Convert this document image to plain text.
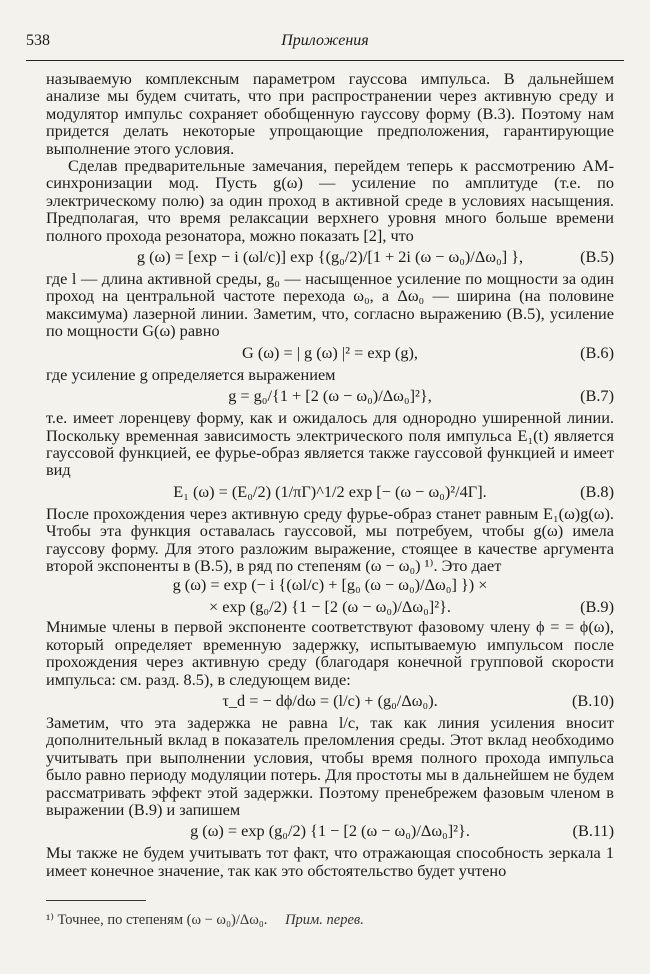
538	Приложения

называемую комплексным параметром гауссова импульса. В дальнейшем анализе мы будем считать, что при распространении через активную среду и модулятор импульс сохраняет обобщенную гауссову форму (В.3). Поэтому нам придется делать некоторые упрощающие предположения, гарантирующие выполнение этого условия.

Сделав предварительные замечания, перейдем теперь к рассмотрению АМ-синхронизации мод. Пусть g(ω) — усиление по амплитуде (т.е. по электрическому полю) за один проход в активной среде в условиях насыщения. Предполагая, что время релаксации верхнего уровня много больше времени полного прохода резонатора, можно показать [2], что

g (ω) = [exp − i (ωl/c)] exp {(g₀/2)/[1 + 2i (ω − ω₀)/Δω₀] },	(В.5)

где l — длина активной среды, g₀ — насыщенное усиление по мощности за один проход на центральной частоте перехода ω₀, а Δω₀ — ширина (на половине максимума) лазерной линии. Заметим, что, согласно выражению (В.5), усиление по мощности G(ω) равно

G (ω) = | g (ω) |² = exp (g),	(В.6)

где усиление g определяется выражением

g = g₀/{1 + [2 (ω − ω₀)/Δω₀]²},	(В.7)

т.е. имеет лоренцеву форму, как и ожидалось для однородно уширенной линии. Поскольку временная зависимость электрического поля импульса E₁(t) является гауссовой функцией, ее фурье-образ является также гауссовой функцией и имеет вид

E₁ (ω) = (E₀/2) (1/πΓ)^1/2 exp [− (ω − ω₀)²/4Γ].	(В.8)

После прохождения через активную среду фурье-образ станет равным E₁(ω)g(ω). Чтобы эта функция оставалась гауссовой, мы потребуем, чтобы g(ω) имела гауссову форму. Для этого разложим выражение, стоящее в качестве аргумента второй экспоненты в (В.5), в ряд по степеням (ω − ω₀) ¹⁾. Это дает

g (ω) = exp (− i {(ωl/c) + [g₀ (ω − ω₀)/Δω₀] }) ×
× exp (g₀/2) {1 − [2 (ω − ω₀)/Δω₀]²}.	(В.9)

Мнимые члены в первой экспоненте соответствуют фазовому члену ϕ = = ϕ(ω), который определяет временную задержку, испытываемую импульсом после прохождения через активную среду (благодаря конечной групповой скорости импульса: см. разд. 8.5), в следующем виде:

τ_d = − dϕ/dω = (l/c) + (g₀/Δω₀).	(В.10)

Заметим, что эта задержка не равна l/c, так как линия усиления вносит дополнительный вклад в показатель преломления среды. Этот вклад необходимо учитывать при выполнении условия, чтобы время полного прохода импульса было равно периоду модуляции потерь. Для простоты мы в дальнейшем не будем рассматривать эффект этой задержки. Поэтому пренебрежем фазовым членом в выражении (В.9) и запишем

g (ω) = exp (g₀/2) {1 − [2 (ω − ω₀)/Δω₀]²}.	(В.11)

Мы также не будем учитывать тот факт, что отражающая способность зеркала 1 имеет конечное значение, так как это обстоятельство будет учтено

¹⁾ Точнее, по степеням (ω − ω₀)/Δω₀. Прим. перев.
